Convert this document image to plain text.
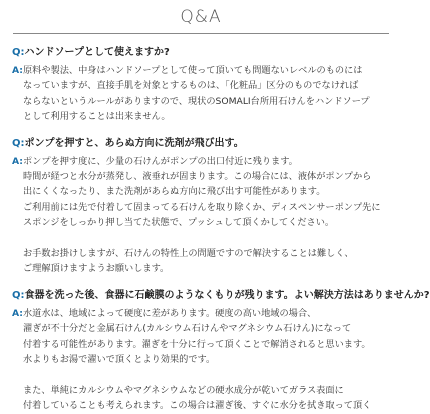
Q&A
Q:ハンドソープとして使えますか?
A: 原料や製法、中身はハンドソープとして使って頂いても問題ないレベルのものには
なっていますが、直接手肌を対象とするものは、「化粧品」区分のものでなければ
ならないというルールがありますので、現状のSOMALI台所用石けんをハンドソープ
として利用することは出来ません。
Q:ポンプを押すと、あらぬ方向に洗剤が飛び出す。
A: ポンプを押す度に、少量の石けんがポンプの出口付近に残ります。
時間が経つと水分が蒸発し、液垂れが固まります。この場合には、液体がポンプから
出にくくなったり、また洗剤があらぬ方向に飛び出す可能性があります。
ご利用前には先で付着して固まってる石けんを取り除くか、ディスペンサーポンプ先に
スポンジをしっかり押し当てた状態で、プッシュして頂くかしてください。
お手数お掛けしますが、石けんの特性上の問題ですので解決することは難しく、
ご理解頂けますようお願いします。
Q:食器を洗った後、食器に石鹸膜のようなくもりが残ります。よい解決方法はありませんか?
A: 水道水は、地域によって硬度に差があります。硬度の高い地域の場合、
濯ぎが不十分だと金属石けん(カルシウム石けんやマグネシウム石けん)になって
付着する可能性があります。濯ぎを十分に行って頂くことで解消されると思います。
水よりもお湯で濯いで頂くとより効果的です。
また、単純にカルシウムやマグネシウムなどの硬水成分が乾いてガラス表面に
付着していることも考えられます。この場合は濯ぎ後、すぐに水分を拭き取って頂く
